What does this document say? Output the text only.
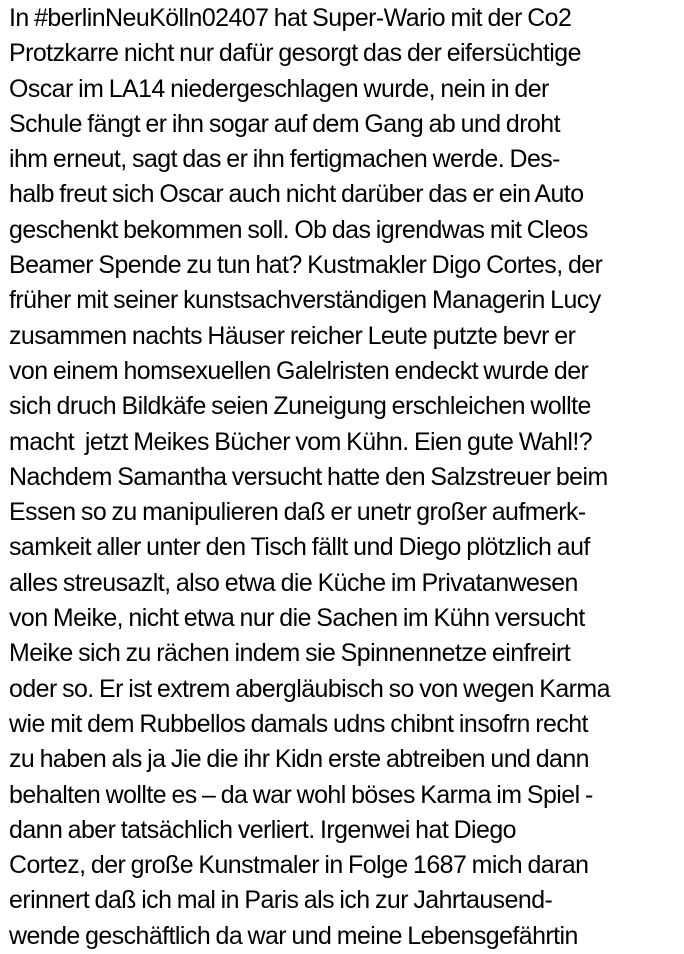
In #berlinNeuKölln02407 hat Super-Wario mit der Co2
Protzkarre nicht nur dafür gesorgt das der eifersüchtige
Oscar im LA14 niedergeschlagen wurde, nein in der
Schule fängt er ihn sogar auf dem Gang ab und droht
ihm erneut, sagt das er ihn fertigmachen werde. Des-
halb freut sich Oscar auch nicht darüber das er ein Auto
geschenkt bekommen soll. Ob das igrendwas mit Cleos
Beamer Spende zu tun hat? Kustmakler Digo Cortes, der
früher mit seiner kunstsachverständigen Managerin Lucy
zusammen nachts Häuser reicher Leute putzte bevr er
von einem homsexuellen Galelristen endeckt wurde der
sich druch Bildkäfe seien Zuneigung erschleichen wollte
macht  jetzt Meikes Bücher vom Kühn. Eien gute Wahl!?
Nachdem Samantha versucht hatte den Salzstreuer beim
Essen so zu manipulieren daß er unetr großer aufmerk-
samkeit aller unter den Tisch fällt und Diego plötzlich auf
alles streusazlt, also etwa die Küche im Privatanwesen
von Meike, nicht etwa nur die Sachen im Kühn versucht
Meike sich zu rächen indem sie Spinnennetze einfreirt
oder so. Er ist extrem abergläubisch so von wegen Karma
wie mit dem Rubbellos damals udns chibnt insofrn recht
zu haben als ja Jie die ihr Kidn erste abtreiben und dann
behalten wollte es – da war wohl böses Karma im Spiel -
dann aber tatsächlich verliert. Irgenwei hat Diego
Cortez, der große Kunstmaler in Folge 1687 mich daran
erinnert daß ich mal in Paris als ich zur Jahrtausend-
wende geschäftlich da war und meine Lebensgefährtin
